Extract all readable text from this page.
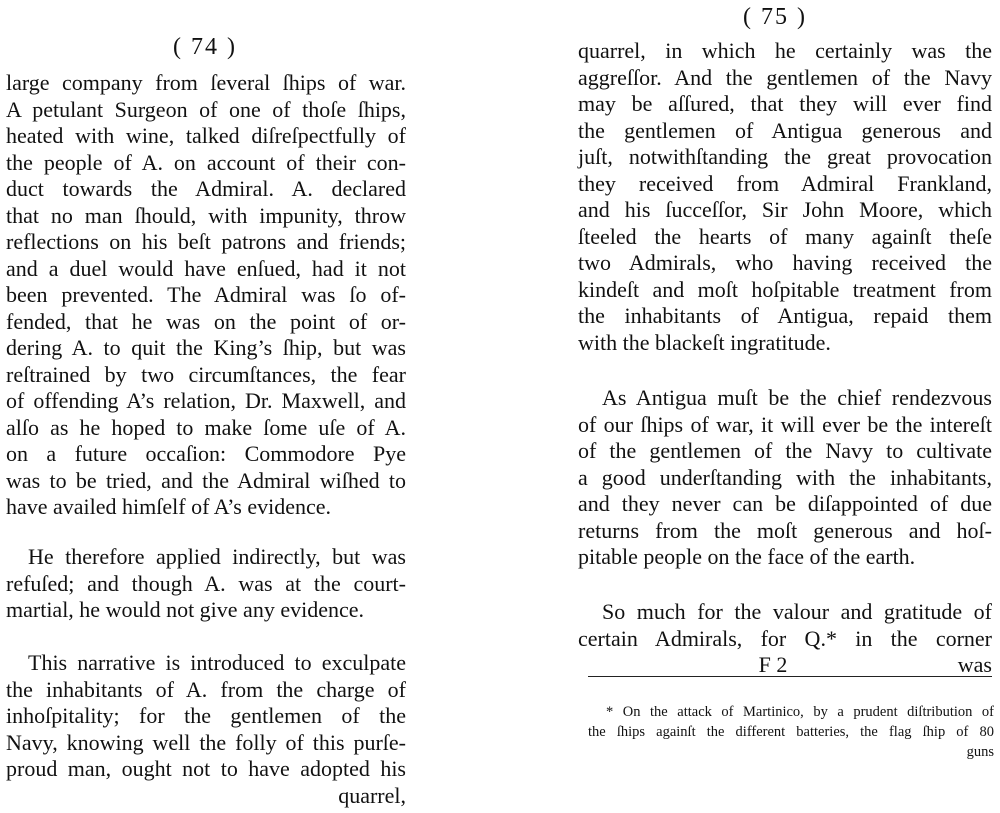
( 74 )
large company from ſeveral ſhips of war.
A petulant Surgeon of one of thoſe ſhips,
heated with wine, talked diſreſpectfully of
the people of A. on account of their con-
duct towards the Admiral. A. declared
that no man ſhould, with impunity, throw
reflections on his beſt patrons and friends;
and a duel would have enſued, had it not
been prevented. The Admiral was ſo of-
fended, that he was on the point of or-
dering A. to quit the King’s ſhip, but was
reſtrained by two circumſtances, the fear
of offending A’s relation, Dr. Maxwell, and
alſo as he hoped to make ſome uſe of A.
on a future occaſion: Commodore Pye
was to be tried, and the Admiral wiſhed to
have availed himſelf of A’s evidence.
He therefore applied indirectly, but was
refuſed; and though A. was at the court-
martial, he would not give any evidence.
This narrative is introduced to exculpate
the inhabitants of A. from the charge of
inhoſpitality; for the gentlemen of the
Navy, knowing well the folly of this purſe-
proud man, ought not to have adopted his
quarrel,
( 75 )
quarrel, in which he certainly was the
aggreſſor. And the gentlemen of the Navy
may be aſſured, that they will ever find
the gentlemen of Antigua generous and
juſt, notwithſtanding the great provocation
they received from Admiral Frankland,
and his ſucceſſor, Sir John Moore, which
ſteeled the hearts of many againſt theſe
two Admirals, who having received the
kindeſt and moſt hoſpitable treatment from
the inhabitants of Antigua, repaid them
with the blackeſt ingratitude.
As Antigua muſt be the chief rendezvous
of our ſhips of war, it will ever be the intereſt
of the gentlemen of the Navy to cultivate
a good underſtanding with the inhabitants,
and they never can be diſappointed of due
returns from the moſt generous and hoſ-
pitable people on the face of the earth.
So much for the valour and gratitude of
certain Admirals, for Q.* in the corner
F 2	was
* On the attack of Martinico, by a prudent diſtribution of
the ſhips againſt the different batteries, the flag ſhip of 80
guns
